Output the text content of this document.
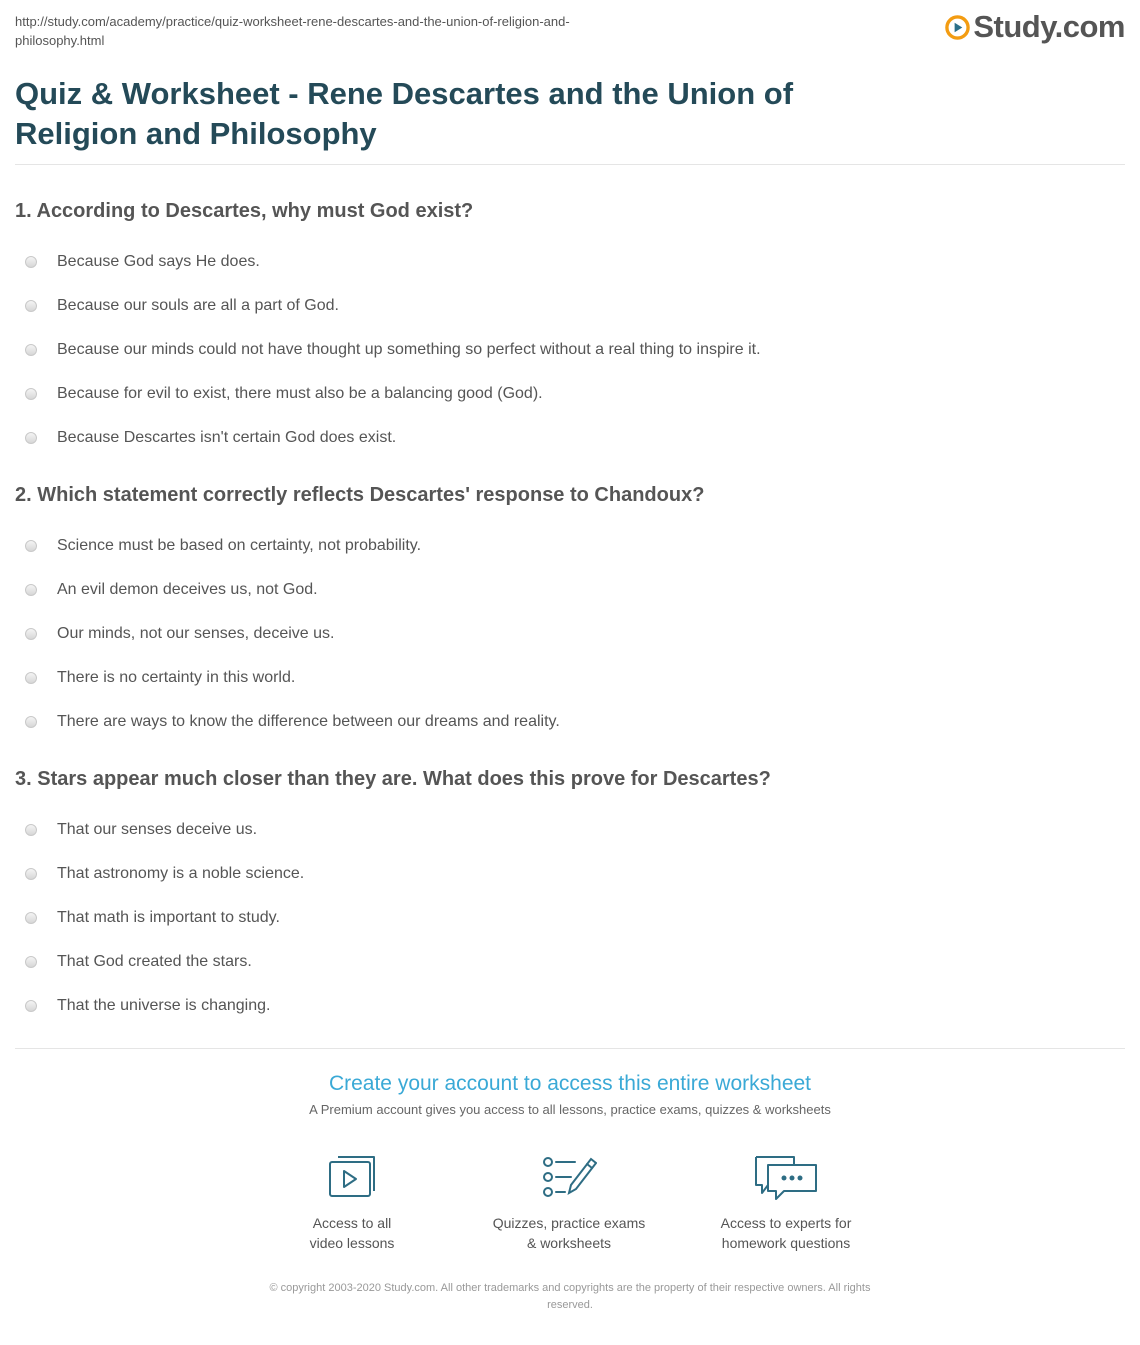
http://study.com/academy/practice/quiz-worksheet-rene-descartes-and-the-union-of-religion-and-
philosophy.html	Study.com
Quiz & Worksheet - Rene Descartes and the Union of Religion and Philosophy
1. According to Descartes, why must God exist?
Because God says He does.
Because our souls are all a part of God.
Because our minds could not have thought up something so perfect without a real thing to inspire it.
Because for evil to exist, there must also be a balancing good (God).
Because Descartes isn't certain God does exist.
2. Which statement correctly reflects Descartes' response to Chandoux?
Science must be based on certainty, not probability.
An evil demon deceives us, not God.
Our minds, not our senses, deceive us.
There is no certainty in this world.
There are ways to know the difference between our dreams and reality.
3. Stars appear much closer than they are. What does this prove for Descartes?
That our senses deceive us.
That astronomy is a noble science.
That math is important to study.
That God created the stars.
That the universe is changing.
Create your account to access this entire worksheet
A Premium account gives you access to all lessons, practice exams, quizzes & worksheets
Access to all
video lessons
Quizzes, practice exams
& worksheets
Access to experts for
homework questions
© copyright 2003-2020 Study.com. All other trademarks and copyrights are the property of their respective owners. All rights
reserved.
